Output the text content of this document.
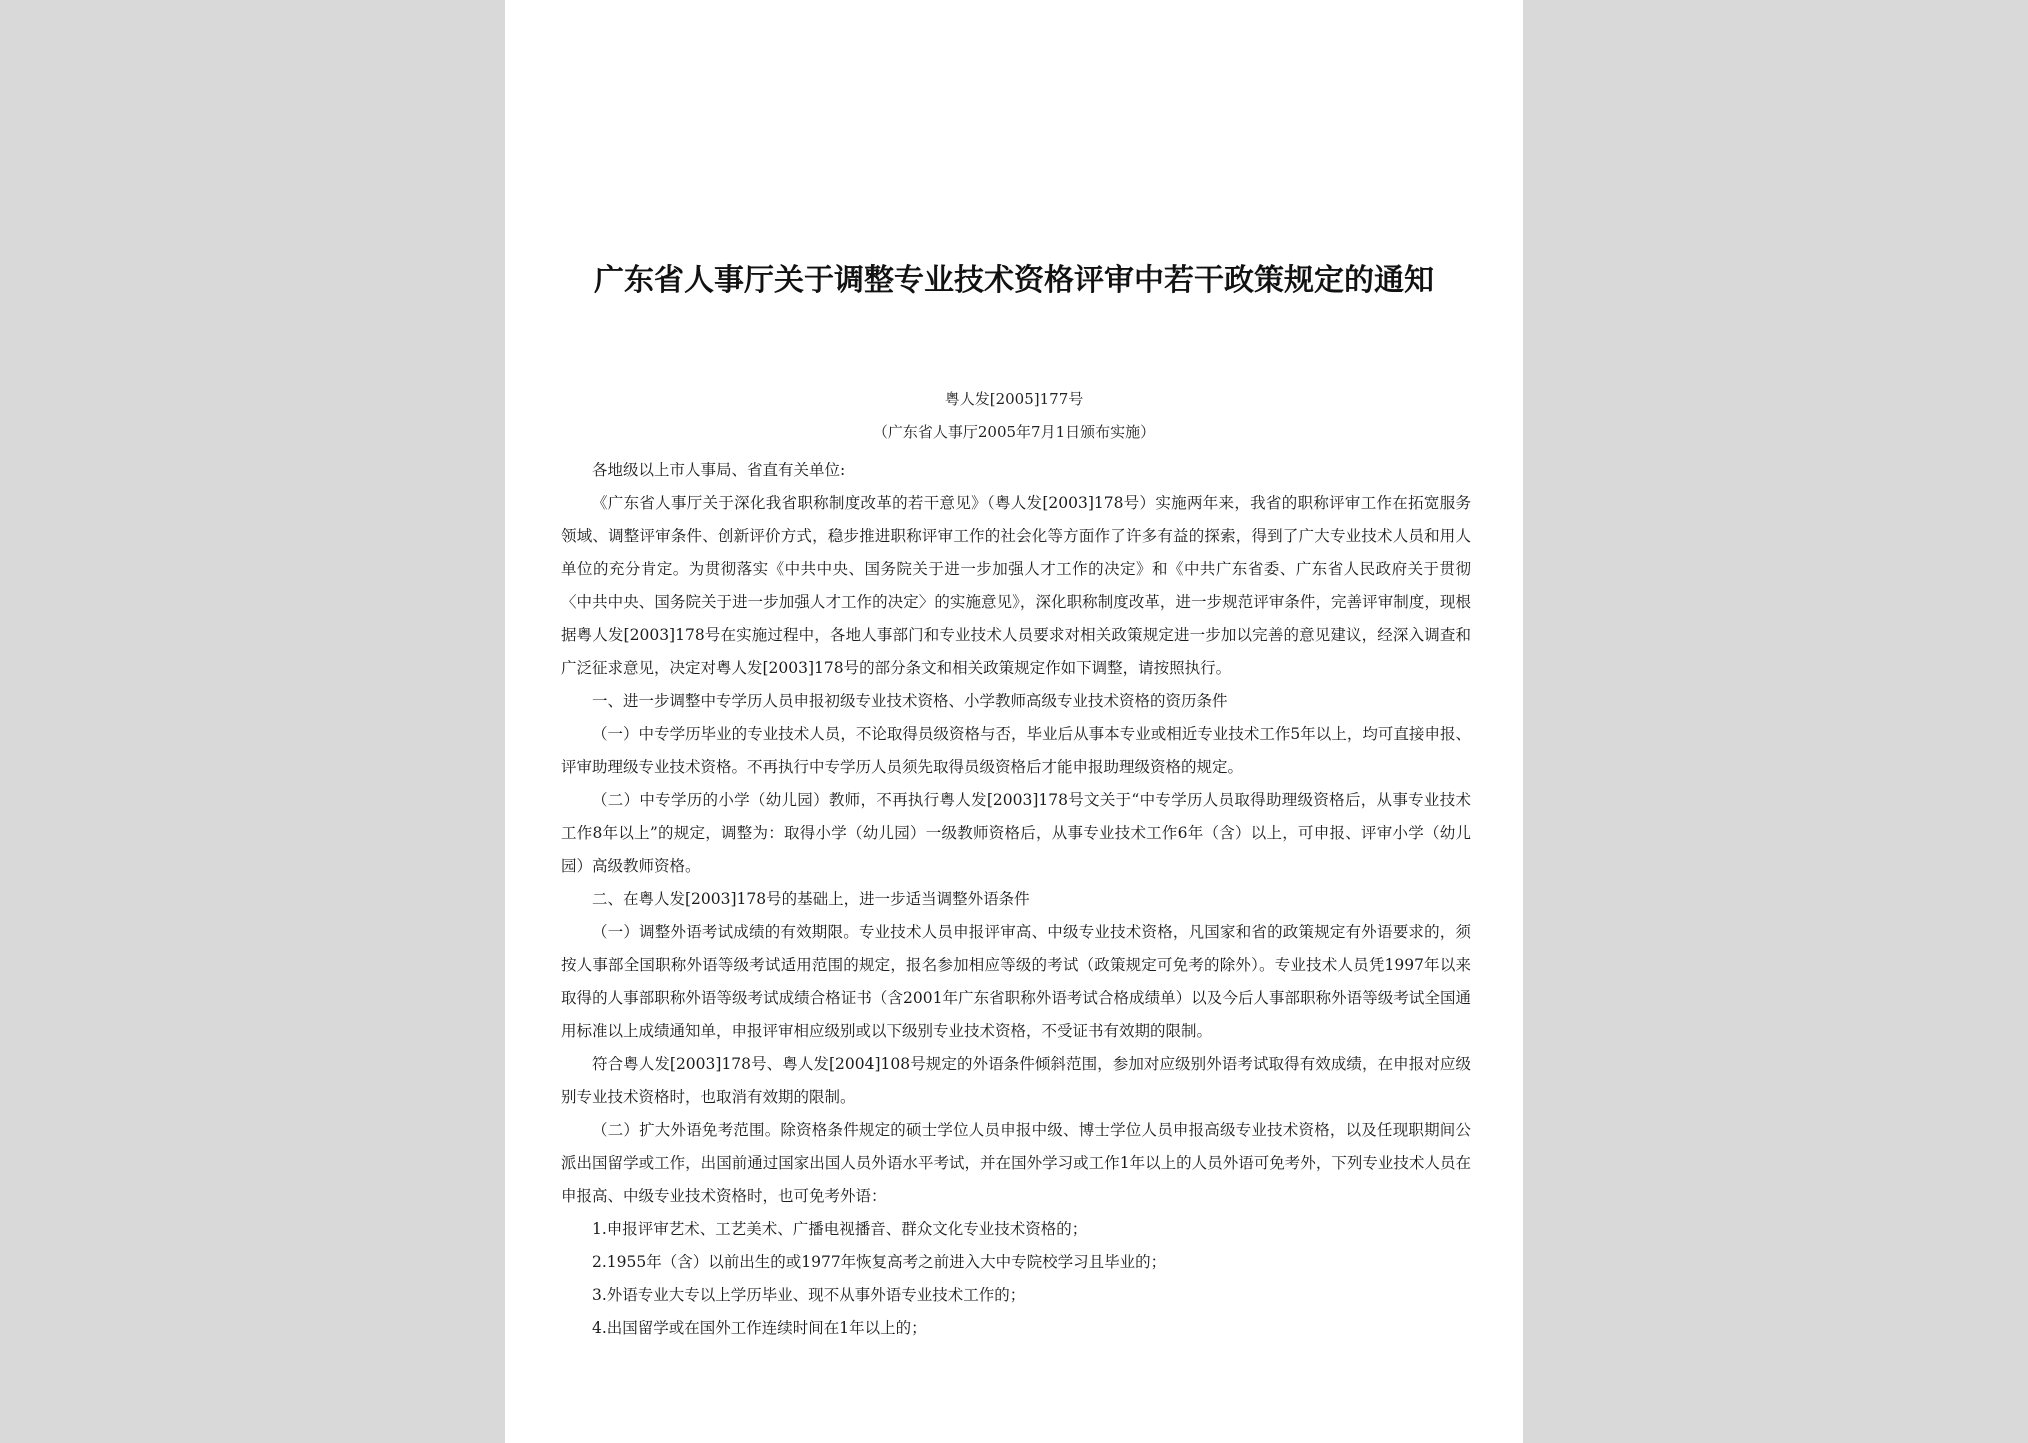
广东省人事厅关于调整专业技术资格评审中若干政策规定的通知
粤人发[2005]177号
（广东省人事厅2005年7月1日颁布实施）

各地级以上市人事局、省直有关单位:

《广东省人事厅关于深化我省职称制度改革的若干意见》（粤人发[2003]178号）实施两年来，我省的职称评审工作在拓宽服务领域、调整评审条件、创新评价方式，稳步推进职称评审工作的社会化等方面作了许多有益的探索，得到了广大专业技术人员和用人单位的充分肯定。为贯彻落实《中共中央、国务院关于进一步加强人才工作的决定》和《中共广东省委、广东省人民政府关于贯彻〈中共中央、国务院关于进一步加强人才工作的决定〉的实施意见》，深化职称制度改革，进一步规范评审条件，完善评审制度，现根据粤人发[2003]178号在实施过程中，各地人事部门和专业技术人员要求对相关政策规定进一步加以完善的意见建议，经深入调查和广泛征求意见，决定对粤人发[2003]178号的部分条文和相关政策规定作如下调整，请按照执行。

一、进一步调整中专学历人员申报初级专业技术资格、小学教师高级专业技术资格的资历条件

（一）中专学历毕业的专业技术人员，不论取得员级资格与否，毕业后从事本专业或相近专业技术工作5年以上，均可直接申报、评审助理级专业技术资格。不再执行中专学历人员须先取得员级资格后才能申报助理级资格的规定。

（二）中专学历的小学（幼儿园）教师，不再执行粤人发[2003]178号文关于“中专学历人员取得助理级资格后，从事专业技术工作8年以上”的规定，调整为：取得小学（幼儿园）一级教师资格后，从事专业技术工作6年（含）以上，可申报、评审小学（幼儿园）高级教师资格。

二、在粤人发[2003]178号的基础上，进一步适当调整外语条件

（一）调整外语考试成绩的有效期限。专业技术人员申报评审高、中级专业技术资格，凡国家和省的政策规定有外语要求的，须按人事部全国职称外语等级考试适用范围的规定，报名参加相应等级的考试（政策规定可免考的除外）。专业技术人员凭1997年以来取得的人事部职称外语等级考试成绩合格证书（含2001年广东省职称外语考试合格成绩单）以及今后人事部职称外语等级考试全国通用标准以上成绩通知单，申报评审相应级别或以下级别专业技术资格，不受证书有效期的限制。

符合粤人发[2003]178号、粤人发[2004]108号规定的外语条件倾斜范围，参加对应级别外语考试取得有效成绩，在申报对应级别专业技术资格时，也取消有效期的限制。

（二）扩大外语免考范围。除资格条件规定的硕士学位人员申报中级、博士学位人员申报高级专业技术资格，以及任现职期间公派出国留学或工作，出国前通过国家出国人员外语水平考试，并在国外学习或工作1年以上的人员外语可免考外，下列专业技术人员在申报高、中级专业技术资格时，也可免考外语：

1.申报评审艺术、工艺美术、广播电视播音、群众文化专业技术资格的；

2.1955年（含）以前出生的或1977年恢复高考之前进入大中专院校学习且毕业的；

3.外语专业大专以上学历毕业、现不从事外语专业技术工作的；

4.出国留学或在国外工作连续时间在1年以上的；
